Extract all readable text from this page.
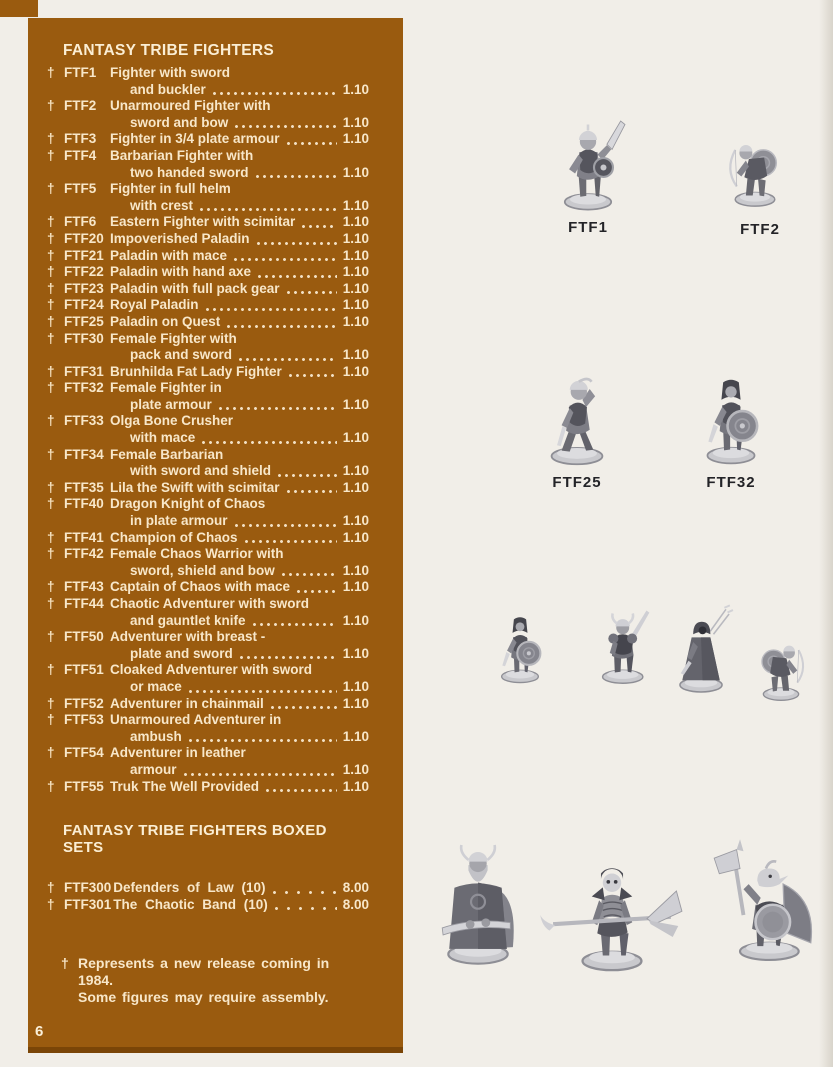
FANTASY TRIBE FIGHTERS
† FTF1	Fighter with sword
and buckler	1.10
† FTF2	Unarmoured Fighter with
sword and bow	1.10
† FTF3	Fighter in 3/4 plate armour	1.10
† FTF4	Barbarian Fighter with
two handed sword	1.10
† FTF5	Fighter in full helm
with crest	1.10
† FTF6	Eastern Fighter with scimitar	1.10
† FTF20 Impoverished Paladin	1.10
† FTF21 Paladin with mace	1.10
† FTF22 Paladin with hand axe	1.10
† FTF23 Paladin with full pack gear	1.10
† FTF24 Royal Paladin	1.10
† FTF25 Paladin on Quest	1.10
† FTF30 Female Fighter with
pack and sword	1.10
† FTF31 Brunhilda Fat Lady Fighter	1.10
† FTF32 Female Fighter in
plate armour	1.10
† FTF33 Olga Bone Crusher
with mace	1.10
† FTF34 Female Barbarian
with sword and shield	1.10
† FTF35 Lila the Swift with scimitar	1.10
† FTF40 Dragon Knight of Chaos
in plate armour	1.10
† FTF41 Champion of Chaos	1.10
† FTF42 Female Chaos Warrior with
sword, shield and bow	1.10
† FTF43 Captain of Chaos with mace	1.10
† FTF44 Chaotic Adventurer with sword
and gauntlet knife	1.10
† FTF50 Adventurer with breast -
plate and sword	1.10
† FTF51 Cloaked Adventurer with sword
or mace	1.10
† FTF52 Adventurer in chainmail	1.10
† FTF53 Unarmoured Adventurer in
ambush	1.10
† FTF54 Adventurer in leather
armour	1.10
† FTF55 Truk The Well Provided	1.10
FANTASY TRIBE FIGHTERS BOXED SETS
† FTF300 Defenders of Law (10)	8.00
† FTF301 The Chaotic Band (10)	8.00
† Represents a new release coming in 1984.
Some figures may require assembly.
6
FTF1	FTF2
FTF25	FTF32
